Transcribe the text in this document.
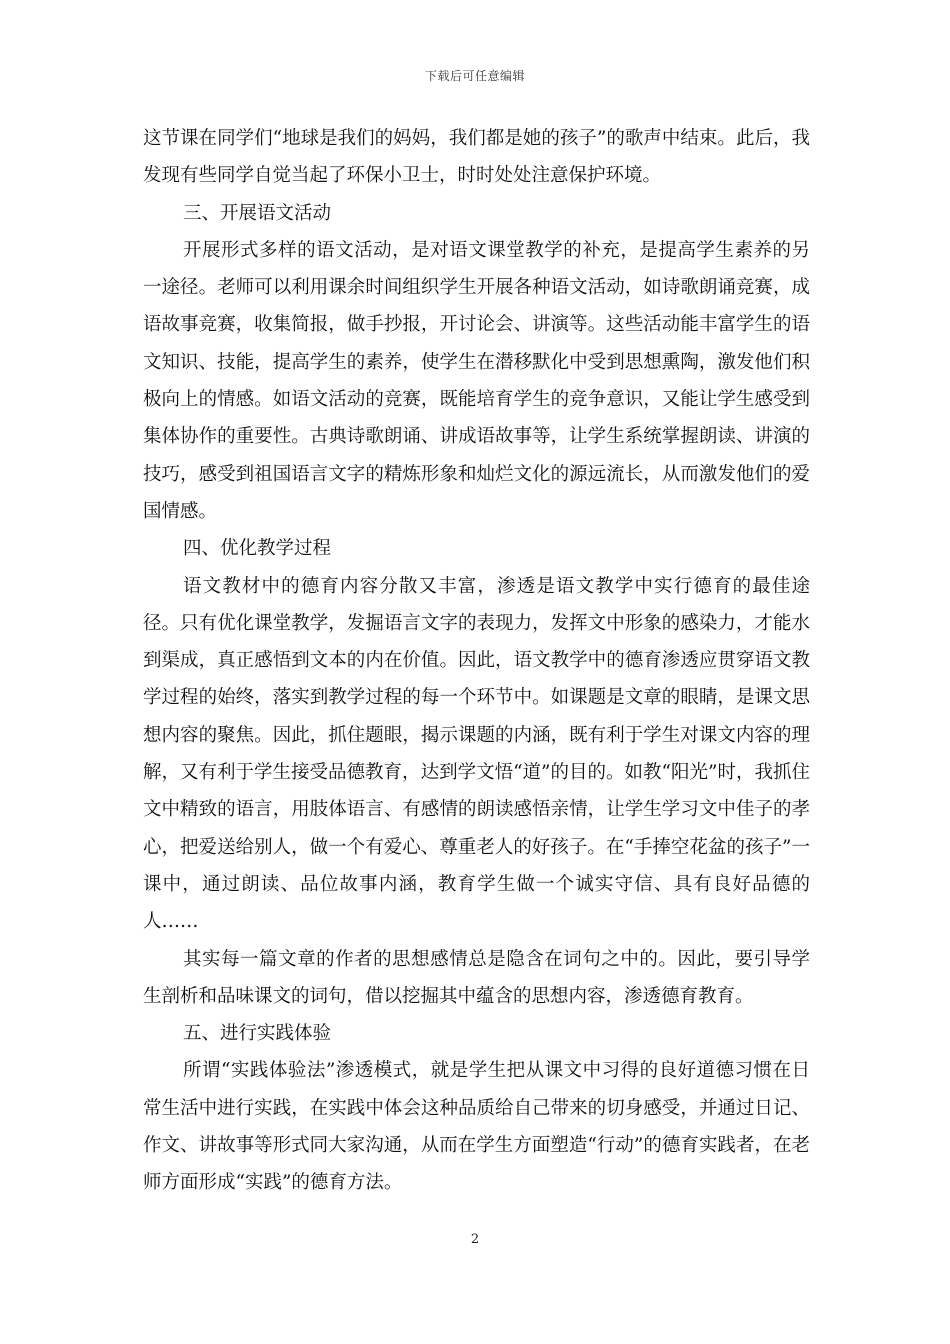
下载后可任意编辑

这节课在同学们“地球是我们的妈妈，我们都是她的孩子”的歌声中结束。此后，我发现有些同学自觉当起了环保小卫士，时时处处注意保护环境。

三、开展语文活动

开展形式多样的语文活动，是对语文课堂教学的补充，是提高学生素养的另一途径。老师可以利用课余时间组织学生开展各种语文活动，如诗歌朗诵竞赛，成语故事竞赛，收集简报，做手抄报，开讨论会、讲演等。这些活动能丰富学生的语文知识、技能，提高学生的素养，使学生在潜移默化中受到思想熏陶，激发他们积极向上的情感。如语文活动的竞赛，既能培育学生的竞争意识，又能让学生感受到集体协作的重要性。古典诗歌朗诵、讲成语故事等，让学生系统掌握朗读、讲演的技巧，感受到祖国语言文字的精炼形象和灿烂文化的源远流长，从而激发他们的爱国情感。

四、优化教学过程

语文教材中的德育内容分散又丰富，渗透是语文教学中实行德育的最佳途径。只有优化课堂教学，发掘语言文字的表现力，发挥文中形象的感染力，才能水到渠成，真正感悟到文本的内在价值。因此，语文教学中的德育渗透应贯穿语文教学过程的始终，落实到教学过程的每一个环节中。如课题是文章的眼睛，是课文思想内容的聚焦。因此，抓住题眼，揭示课题的内涵，既有利于学生对课文内容的理解，又有利于学生接受品德教育，达到学文悟“道”的目的。如教“阳光”时，我抓住文中精致的语言，用肢体语言、有感情的朗读感悟亲情，让学生学习文中佳子的孝心，把爱送给别人，做一个有爱心、尊重老人的好孩子。在“手捧空花盆的孩子”一课中，通过朗读、品位故事内涵，教育学生做一个诚实守信、具有良好品德的人……

其实每一篇文章的作者的思想感情总是隐含在词句之中的。因此，要引导学生剖析和品味课文的词句，借以挖掘其中蕴含的思想内容，渗透德育教育。

五、进行实践体验

所谓“实践体验法”渗透模式，就是学生把从课文中习得的良好道德习惯在日常生活中进行实践，在实践中体会这种品质给自己带来的切身感受，并通过日记、作文、讲故事等形式同大家沟通，从而在学生方面塑造“行动”的德育实践者，在老师方面形成“实践”的德育方法。

2
